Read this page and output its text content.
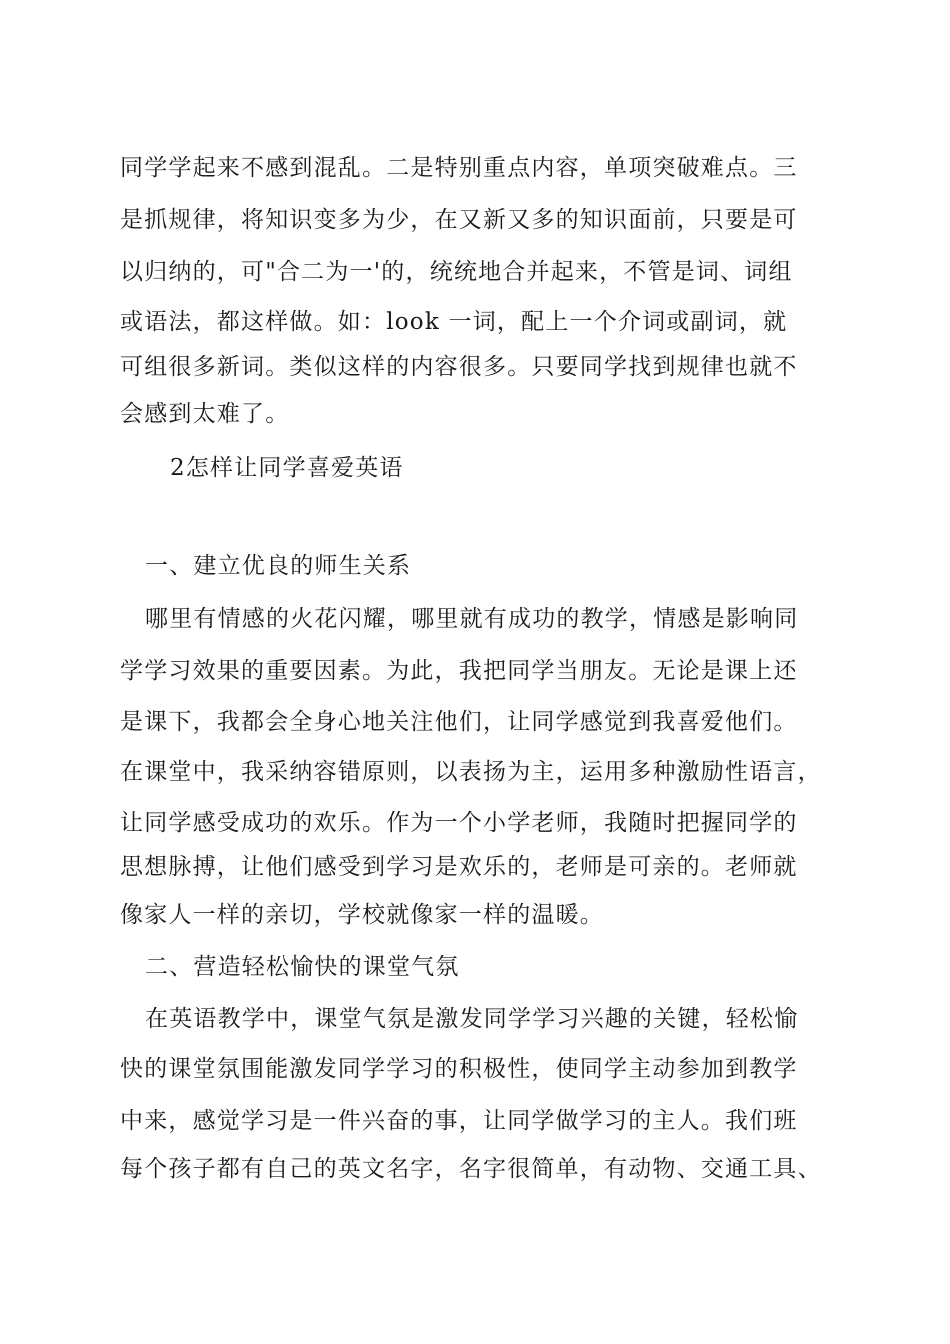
同学学起来不感到混乱。二是特别重点内容，单项突破难点。三
是抓规律，将知识变多为少，在又新又多的知识面前，只要是可
以归纳的，可"合二为一'的，统统地合并起来，不管是词、词组
或语法，都这样做。如：look 一词，配上一个介词或副词，就
可组很多新词。类似这样的内容很多。只要同学找到规律也就不
会感到太难了。
2怎样让同学喜爱英语
一、建立优良的师生关系
哪里有情感的火花闪耀，哪里就有成功的教学，情感是影响同
学学习效果的重要因素。为此，我把同学当朋友。无论是课上还
是课下，我都会全身心地关注他们，让同学感觉到我喜爱他们。
在课堂中，我采纳容错原则，以表扬为主，运用多种激励性语言，
让同学感受成功的欢乐。作为一个小学老师，我随时把握同学的
思想脉搏，让他们感受到学习是欢乐的，老师是可亲的。老师就
像家人一样的亲切，学校就像家一样的温暖。
二、营造轻松愉快的课堂气氛
在英语教学中，课堂气氛是激发同学学习兴趣的关键，轻松愉
快的课堂氛围能激发同学学习的积极性，使同学主动参加到教学
中来，感觉学习是一件兴奋的事，让同学做学习的主人。我们班
每个孩子都有自己的英文名字，名字很简单，有动物、交通工具、
